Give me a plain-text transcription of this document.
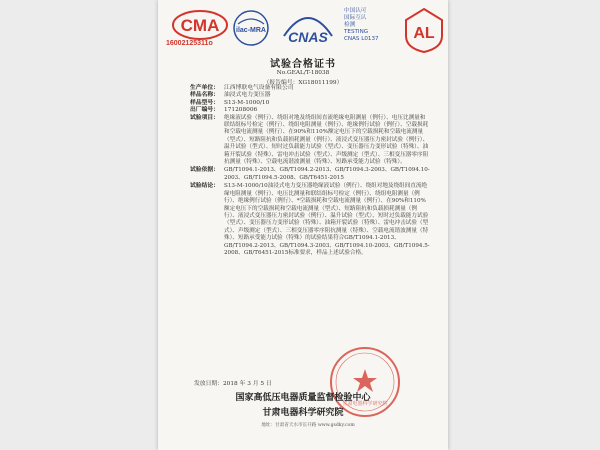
CMA
16002125311o
ilac-MRA CNAS
中国认可
国际互认
检测
TESTING
CNAS L0137	AL
试验合格证书
No.GEAL/T-18038
（报告编号：XG18011199）
生产单位： 江西博联电气设备有限公司
样品名称： 油浸式电力变压器
样品型号： S13-M-1000/10
出厂编号： 171208006
试验项目： 绝缘液试验（例行）、绕组对地及绕组间直流绝缘电阻测量（例行）、电压比测量和联结组标号检定（例行）、绕组电阻测量（例行）、绝缘例行试验（例行）、空载损耗和空载电流测量（例行）、在90%和110%额定电压下的空载损耗和空载电流测量（型式）、短路阻抗和负载损耗测量（例行）、液浸式变压器压力密封试验（例行）、温升试验（型式）、短时过负载能力试验（型式）、变压器压力变形试验（特殊）、油箱开裂试验（特殊）、雷电冲击试验（型式）、声级测定（型式）、三相变压器零序阻抗测量（特殊）、空载电流谐波测量（特殊）、短路承受能力试验（特殊）。
试验依据： GB/T1094.1-2013、GB/T1094.2-2013、GB/T1094.3-2003、GB/T1094.10-2003、GB/T1094.5-2008、GB/T6451-2015
试验结论： S13-M-1000/10油浸式电力变压器绝缘液试验（例行）、绕组对地及绕组间直流绝缘电阻测量（例行）、电压比测量和联结组标号检定（例行）、绕组电阻测量（例行）、绝缘例行试验（例行）、*空载损耗和空载电流测量（例行）、在90%和110%额定电压下的空载损耗和空载电流测量（型式）、短路阻抗和负载损耗测量（例行）、液浸式变压器压力密封试验（例行）、温升试验（型式）、短时过负载能力试验（型式）、变压器压力变形试验（特殊）、油箱开裂试验（特殊）、雷电冲击试验（型式）、声级测定（型式）、三相变压器零序阻抗测量（特殊）、空载电流谐波测量（特殊）、短路承受能力试验（特殊）的试验结果符合GB/T1094.1-2013、GB/T1094.2-2013、GB/T1094.3-2003、GB/T1094.10-2003、GB/T1094.5-2008、GB/T6451-2015标准要求，样品上述试验合格。
甘肃电器科学研究院
发放日期：2018 年 3 月 5 日
国家高低压电器质量监督检验中心
甘肃电器科学研究院
地址：甘肃省天水市长开路 www.gsdky.com
